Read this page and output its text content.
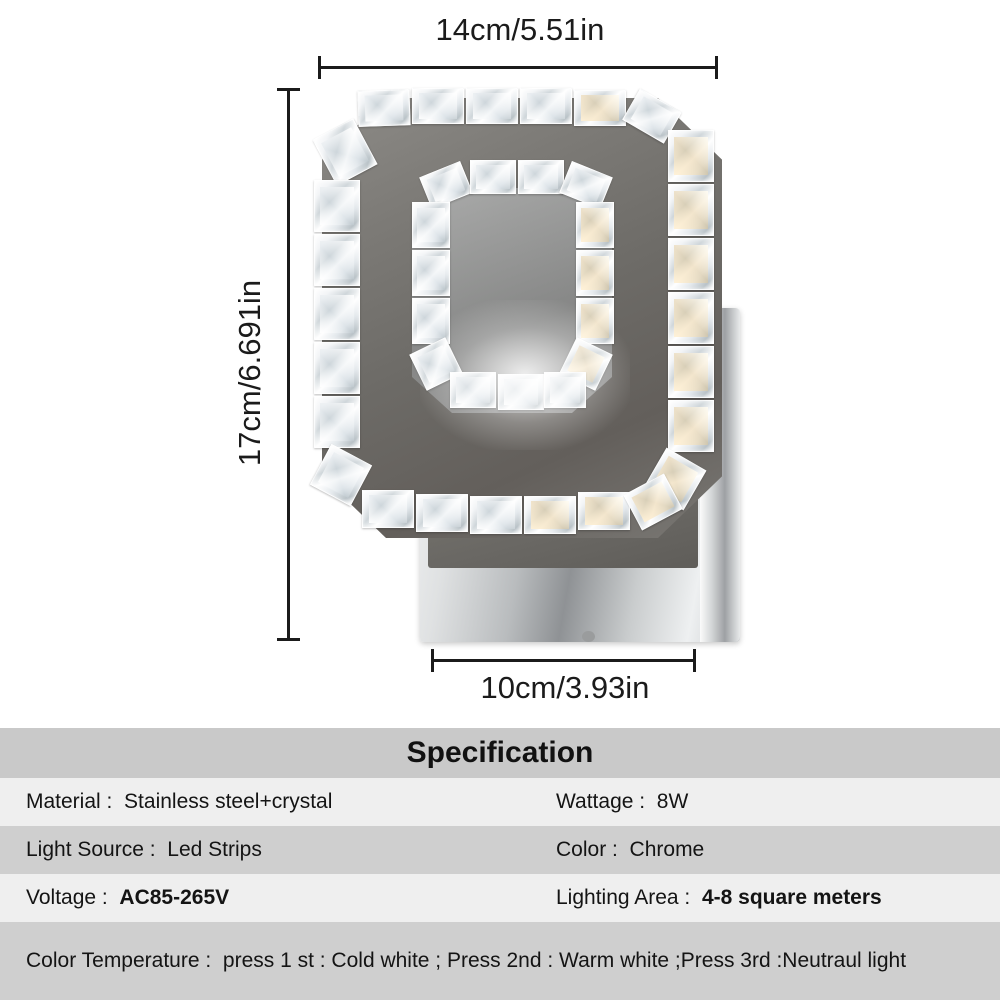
14cm/5.51in
17cm/6.691in
10cm/3.93in
Specification
Material : Stainless steel+crystal	Wattage : 8W
Light Source : Led Strips	Color : Chrome
Voltage : AC85-265V	Lighting Area : 4-8 square meters
Color Temperature : press 1 st : Cold white ; Press 2nd : Warm white ;Press 3rd :Neutraul light
